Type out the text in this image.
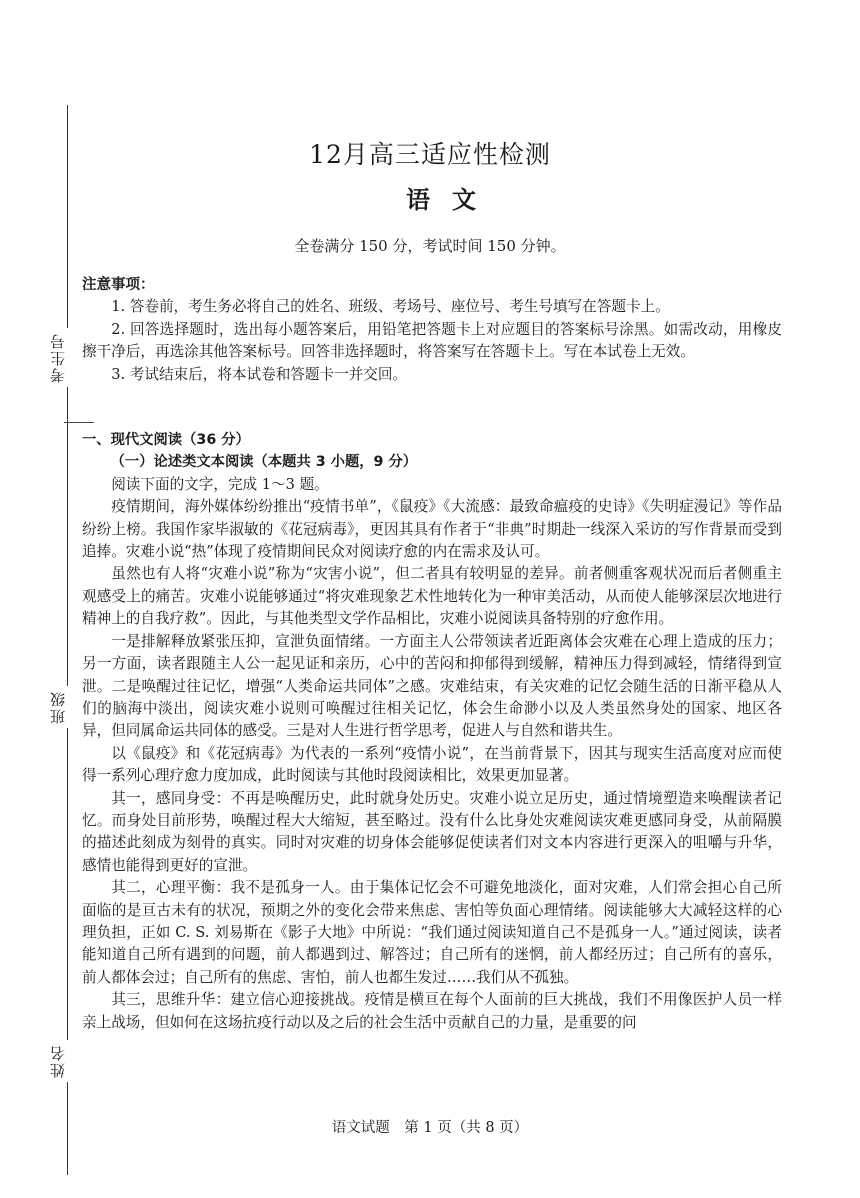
考生号
班级
姓名
12月高三适应性检测
语文
全卷满分 150 分，考试时间 150 分钟。
注意事项：

1. 答卷前，考生务必将自己的姓名、班级、考场号、座位号、考生号填写在答题卡上。

2. 回答选择题时，选出每小题答案后，用铅笔把答题卡上对应题目的答案标号涂黑。如需改动，用橡皮擦干净后，再选涂其他答案标号。回答非选择题时，将答案写在答题卡上。写在本试卷上无效。

3. 考试结束后，将本试卷和答题卡一并交回。

一、现代文阅读（36 分）
（一）论述类文本阅读（本题共 3 小题，9 分）

阅读下面的文字，完成 1～3 题。

疫情期间，海外媒体纷纷推出“疫情书单”，《鼠疫》《大流感：最致命瘟疫的史诗》《失明症漫记》等作品纷纷上榜。我国作家毕淑敏的《花冠病毒》，更因其具有作者于“非典”时期赴一线深入采访的写作背景而受到追捧。灾难小说“热”体现了疫情期间民众对阅读疗愈的内在需求及认可。

虽然也有人将“灾难小说”称为“灾害小说”，但二者具有较明显的差异。前者侧重客观状况而后者侧重主观感受上的痛苦。灾难小说能够通过“将灾难现象艺术性地转化为一种审美活动，从而使人能够深层次地进行精神上的自我疗救”。因此，与其他类型文学作品相比，灾难小说阅读具备特别的疗愈作用。

一是排解释放紧张压抑，宣泄负面情绪。一方面主人公带领读者近距离体会灾难在心理上造成的压力；另一方面，读者跟随主人公一起见证和亲历，心中的苦闷和抑郁得到缓解，精神压力得到减轻，情绪得到宣泄。二是唤醒过往记忆，增强“人类命运共同体”之感。灾难结束，有关灾难的记忆会随生活的日渐平稳从人们的脑海中淡出，阅读灾难小说则可唤醒过往相关记忆，体会生命渺小以及人类虽然身处的国家、地区各异，但同属命运共同体的感受。三是对人生进行哲学思考，促进人与自然和谐共生。

以《鼠疫》和《花冠病毒》为代表的一系列“疫情小说”，在当前背景下，因其与现实生活高度对应而使得一系列心理疗愈力度加成，此时阅读与其他时段阅读相比，效果更加显著。

其一，感同身受：不再是唤醒历史，此时就身处历史。灾难小说立足历史，通过情境塑造来唤醒读者记忆。而身处目前形势，唤醒过程大大缩短，甚至略过。没有什么比身处灾难阅读灾难更感同身受，从前隔膜的描述此刻成为刻骨的真实。同时对灾难的切身体会能够促使读者们对文本内容进行更深入的咀嚼与升华，感情也能得到更好的宣泄。

其二，心理平衡：我不是孤身一人。由于集体记忆会不可避免地淡化，面对灾难，人们常会担心自己所面临的是亘古未有的状况，预期之外的变化会带来焦虑、害怕等负面心理情绪。阅读能够大大减轻这样的心理负担，正如 C. S. 刘易斯在《影子大地》中所说：“我们通过阅读知道自己不是孤身一人。”通过阅读，读者能知道自己所有遇到的问题，前人都遇到过、解答过；自己所有的迷惘，前人都经历过；自己所有的喜乐，前人都体会过；自己所有的焦虑、害怕，前人也都生发过……我们从不孤独。

其三，思维升华：建立信心迎接挑战。疫情是横亘在每个人面前的巨大挑战，我们不用像医护人员一样亲上战场，但如何在这场抗疫行动以及之后的社会生活中贡献自己的力量，是重要的问

语文试题　第 1 页（共 8 页）
